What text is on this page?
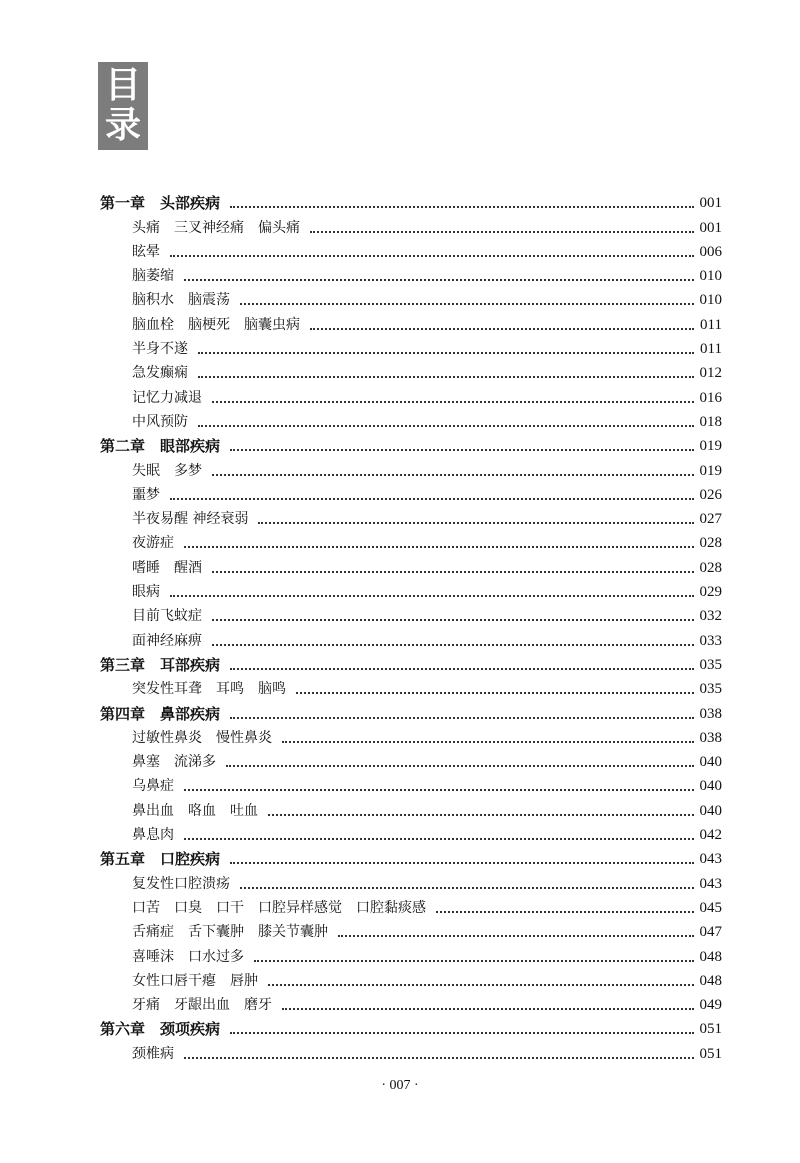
目
录
第一章　头部疾病	001
头痛　三叉神经痛　偏头痛	001
眩晕	006
脑萎缩	010
脑积水　脑震荡	010
脑血栓　脑梗死　脑囊虫病	011
半身不遂	011
急发癫痫	012
记忆力减退	016
中风预防	018
第二章　眼部疾病	019
失眠　多梦	019
噩梦	026
半夜易醒 神经衰弱	027
夜游症	028
嗜睡　醒酒	028
眼病	029
目前飞蚊症	032
面神经麻痹	033
第三章　耳部疾病	035
突发性耳聋　耳鸣　脑鸣	035
第四章　鼻部疾病	038
过敏性鼻炎　慢性鼻炎	038
鼻塞　流涕多	040
乌鼻症	040
鼻出血　咯血　吐血	040
鼻息肉	042
第五章　口腔疾病	043
复发性口腔溃疡	043
口苦　口臭　口干　口腔异样感觉　口腔黏痰感	045
舌痛症　舌下囊肿　膝关节囊肿	047
喜唾沫　口水过多	048
女性口唇干瘪　唇肿	048
牙痛　牙龈出血　磨牙	049
第六章　颈项疾病	051
颈椎病	051
· 007 ·
